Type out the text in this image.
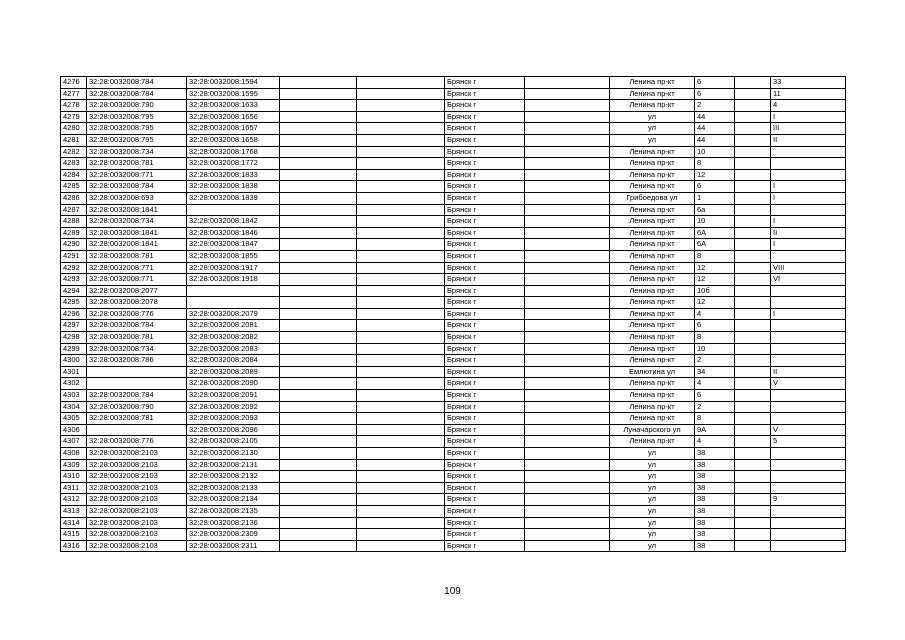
4276	32:28:0032008:784	32:28:0032008:1594			Брянск г		Ленина пр-кт	6		33
4277	32:28:0032008:784	32:28:0032008:1595			Брянск г		Ленина пр-кт	6		11
4278	32:28:0032008:790	32:28:0032008:1633			Брянск г		Ленина пр-кт	2		4
4279	32:28:0032008:795	32:28:0032008:1656			Брянск г		ул	44		I
4280	32:28:0032008:795	32:28:0032008:1657			Брянск г		ул	44		III
4281	32:28:0032008:795	32:28:0032008:1658			Брянск г		ул	44		II
4282	32:28:0032008:734	32:28:0032008:1768			Брянск г		Ленина пр-кт	10		
4283	32:28:0032008:781	32:28:0032008:1772			Брянск г		Ленина пр-кт	8		
4284	32:28:0032008:771	32:28:0032008:1833			Брянск г		Ленина пр-кт	12		
4285	32:28:0032008:784	32:28:0032008:1838			Брянск г		Ленина пр-кт	6		I
4286	32:28:0032008:693	32:28:0032008:1839			Брянск г		Грибоедова ул	1		I
4287	32:28:0032008:1841				Брянск г		Ленина пр-кт	6а		
4288	32:28:0032008:734	32:28:0032008:1842			Брянск г		Ленина пр-кт	10		I
4289	32:28:0032008:1841	32:28:0032008:1846			Брянск г		Ленина пр-кт	6А		II
4290	32:28:0032008:1841	32:28:0032008:1847			Брянск г		Ленина пр-кт	6А		I
4291	32:28:0032008:781	32:28:0032008:1855			Брянск г		Ленина пр-кт	8		
4292	32:28:0032008:771	32:28:0032008:1917			Брянск г		Ленина пр-кт	12		VIII
4293	32:28:0032008:771	32:28:0032008:1918			Брянск г		Ленина пр-кт	12		VI
4294	32:28:0032008:2077				Брянск г		Ленина пр-кт	10б		
4295	32:28:0032008:2078				Брянск г		Ленина пр-кт	12		
4296	32:28:0032008:776	32:28:0032008:2079			Брянск г		Ленина пр-кт	4		I
4297	32:28:0032008:784	32:28:0032008:2081			Брянск г		Ленина пр-кт	6		
4298	32:28:0032008:781	32:28:0032008:2082			Брянск г		Ленина пр-кт	8		
4299	32:28:0032008:734	32:28:0032008:2083			Брянск г		Ленина пр-кт	10		
4300	32:28:0032008:786	32:28:0032008:2084			Брянск г		Ленина пр-кт	2		
4301		32:28:0032008:2089			Брянск г		Емлютина ул	34		II
4302		32:28:0032008:2090			Брянск г		Ленина пр-кт	4		V
4303	32:28:0032008:784	32:28:0032008:2091			Брянск г		Ленина пр-кт	6		
4304	32:28:0032008:790	32:28:0032008:2092			Брянск г		Ленина пр-кт	2		
4305	32:28:0032008:781	32:28:0032008:2093			Брянск г		Ленина пр-кт	8		
4306		32:28:0032008:2096			Брянск г		Луначарского ул	9А		V
4307	32:28:0032008:776	32:28:0032008:2105			Брянск г		Ленина пр-кт	4		5
4308	32:28:0032008:2103	32:28:0032008:2130			Брянск г		ул	38		
4309	32:28:0032008:2103	32:28:0032008:2131			Брянск г		ул	38		
4310	32:28:0032008:2103	32:28:0032008:2132			Брянск г		ул	38		
4311	32:28:0032008:2103	32:28:0032008:2133			Брянск г		ул	38		
4312	32:28:0032008:2103	32:28:0032008:2134			Брянск г		ул	38		9
4313	32:28:0032008:2103	32:28:0032008:2135			Брянск г		ул	38		
4314	32:28:0032008:2103	32:28:0032008:2136			Брянск г		ул	38		
4315	32:28:0032008:2103	32:28:0032008:2309			Брянск г		ул	38		
4316	32:28:0032008:2103	32:28:0032008:2311			Брянск г		ул	38		
109
